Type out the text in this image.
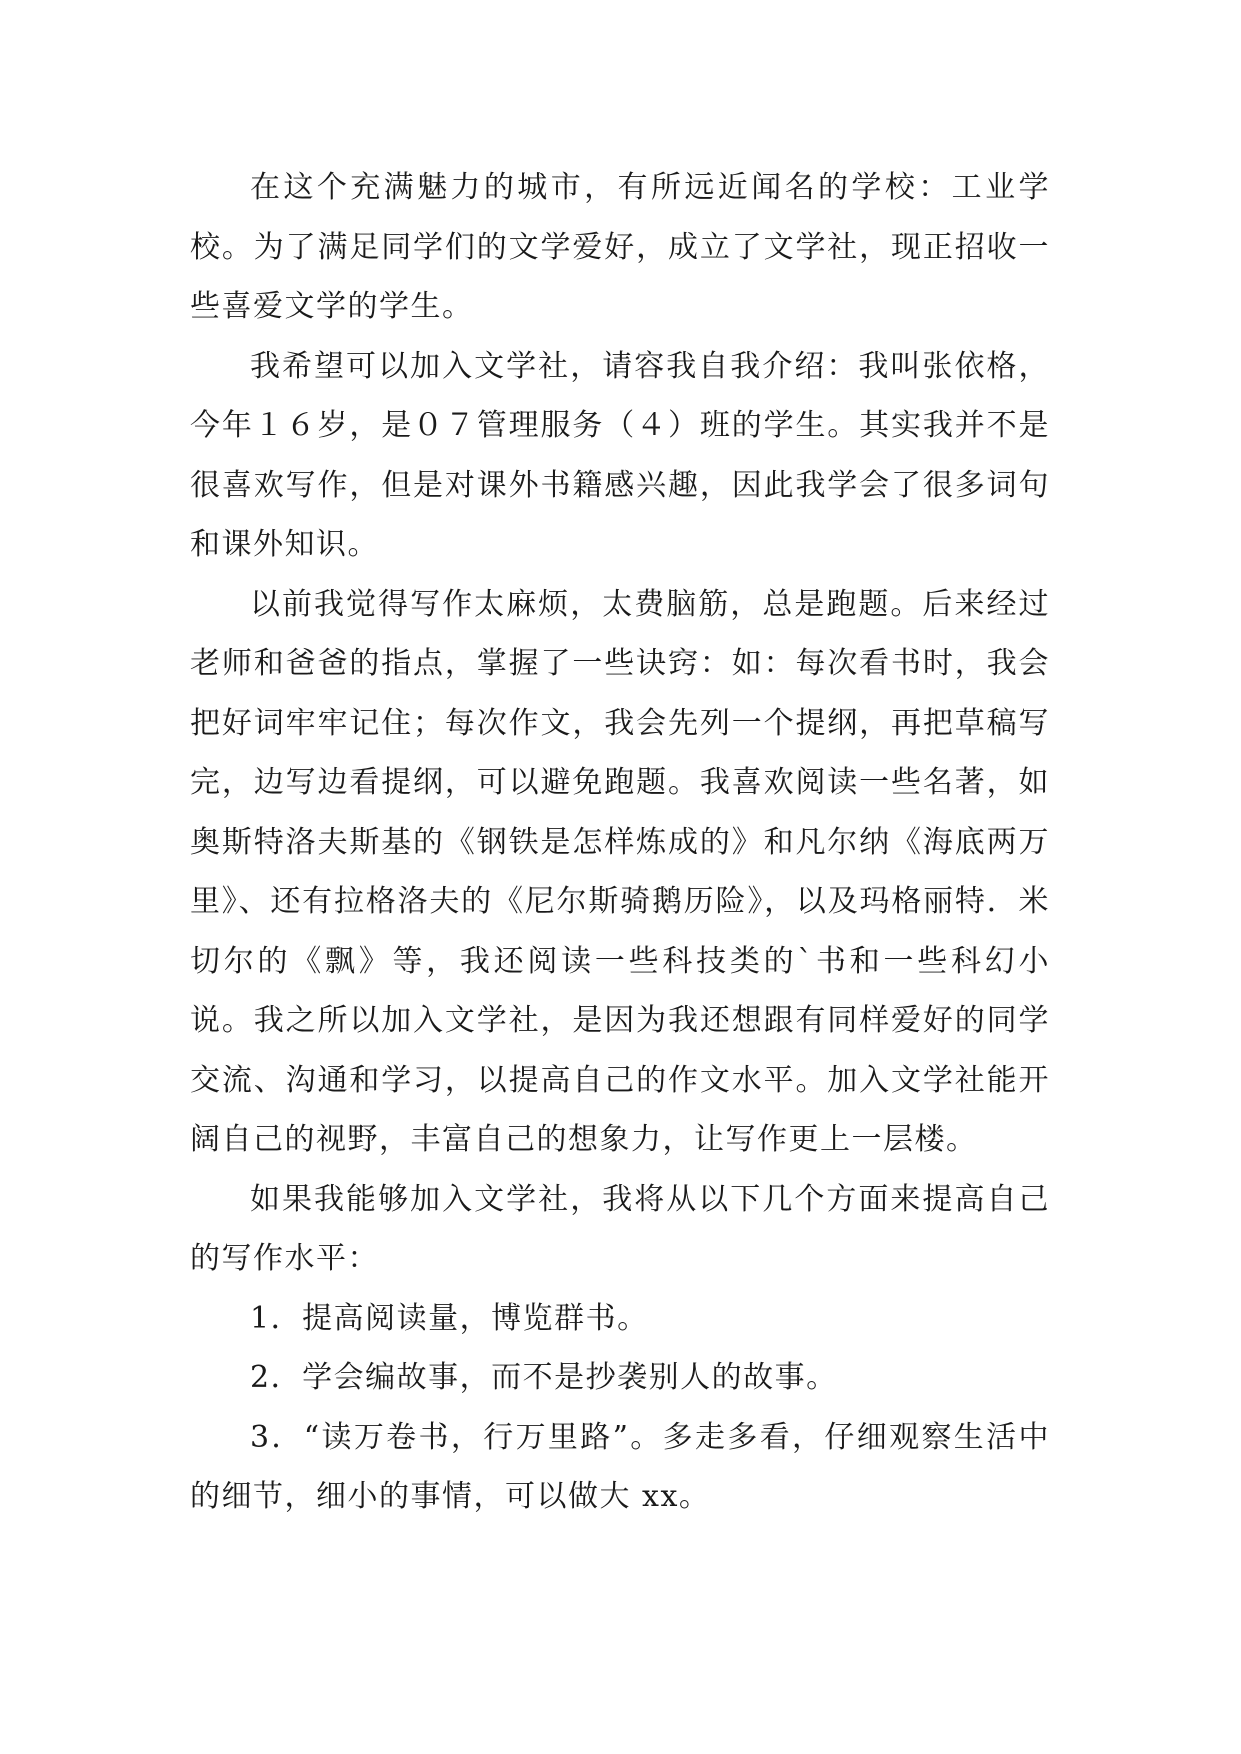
在这个充满魅力的城市，有所远近闻名的学校：工业学校。为了满足同学们的文学爱好，成立了文学社，现正招收一些喜爱文学的学生。

我希望可以加入文学社，请容我自我介绍：我叫张依格，今年１６岁，是０７管理服务（４）班的学生。其实我并不是很喜欢写作，但是对课外书籍感兴趣，因此我学会了很多词句和课外知识。

以前我觉得写作太麻烦，太费脑筋，总是跑题。后来经过老师和爸爸的指点，掌握了一些诀窍：如：每次看书时，我会把好词牢牢记住；每次作文，我会先列一个提纲，再把草稿写完，边写边看提纲，可以避免跑题。我喜欢阅读一些名著，如奥斯特洛夫斯基的《钢铁是怎样炼成的》和凡尔纳《海底两万里》、还有拉格洛夫的《尼尔斯骑鹅历险》，以及玛格丽特．米切尔的《飘》等，我还阅读一些科技类的`书和一些科幻小说。我之所以加入文学社，是因为我还想跟有同样爱好的同学交流、沟通和学习，以提高自己的作文水平。加入文学社能开阔自己的视野，丰富自己的想象力，让写作更上一层楼。

如果我能够加入文学社，我将从以下几个方面来提高自己的写作水平：

1．提高阅读量，博览群书。

2．学会编故事，而不是抄袭别人的故事。

3．“读万卷书，行万里路”。多走多看，仔细观察生活中的细节，细小的事情，可以做大 xx。
